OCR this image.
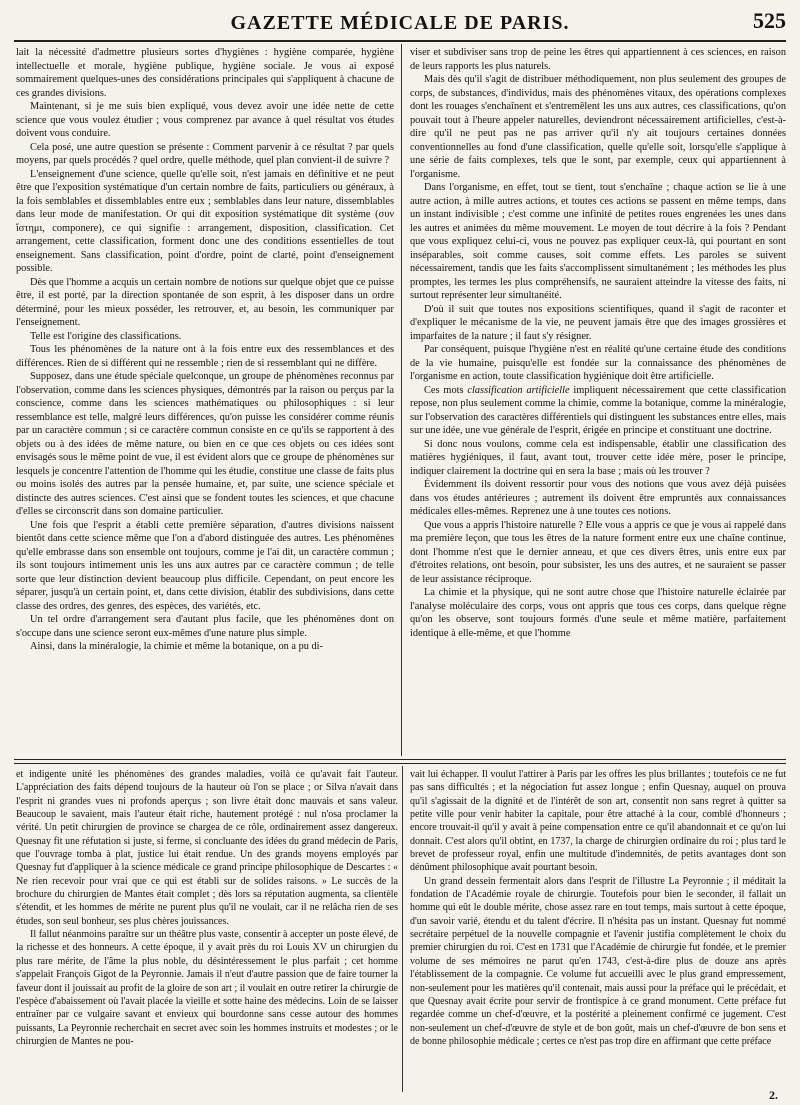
GAZETTE MÉDICALE DE PARIS.	525

lait la nécessité d'admettre plusieurs sortes d'hygiènes : hygiène comparée, hygiène intellectuelle et morale, hygiène publique, hygiène sociale. Je vous ai exposé sommairement quelques-unes des considérations principales qui s'appliquent à chacune de ces grandes divisions.

Maintenant, si je me suis bien expliqué, vous devez avoir une idée nette de cette science que vous voulez étudier ; vous comprenez par avance à quel résultat vos études doivent vous conduire.

Cela posé, une autre question se présente : Comment parvenir à ce résultat ? par quels moyens, par quels procédés ? quel ordre, quelle méthode, quel plan convient-il de suivre ?

L'enseignement d'une science, quelle qu'elle soit, n'est jamais en définitive et ne peut être que l'exposition systématique d'un certain nombre de faits, particuliers ou généraux, à la fois semblables et dissemblables entre eux ; semblables dans leur nature, dissemblables dans leur mode de manifestation. Or qui dit exposition systématique dit système (συν ἵστημι, componere), ce qui signifie : arrangement, disposition, classification. Cet arrangement, cette classification, forment donc une des conditions essentielles de tout enseignement. Sans classification, point d'ordre, point de clarté, point d'enseignement possible.

Dès que l'homme a acquis un certain nombre de notions sur quelque objet que ce puisse être, il est porté, par la direction spontanée de son esprit, à les disposer dans un ordre déterminé, pour les mieux posséder, les retrouver, et, au besoin, les communiquer par l'enseignement.

Telle est l'origine des classifications.

Tous les phénomènes de la nature ont à la fois entre eux des ressemblances et des différences. Rien de si différent qui ne ressemble ; rien de si ressemblant qui ne diffère.

Supposez, dans une étude spéciale quelconque, un groupe de phénomènes reconnus par l'observation, comme dans les sciences physiques, démontrés par la raison ou perçus par la conscience, comme dans les sciences mathématiques ou philosophiques : si leur ressemblance est telle, malgré leurs différences, qu'on puisse les considérer comme réunis par un caractère commun ; si ce caractère commun consiste en ce qu'ils se rapportent à des objets ou à des idées de même nature, ou bien en ce que ces objets ou ces idées sont envisagés sous le même point de vue, il est évident alors que ce groupe de phénomènes sur lesquels je concentre l'attention de l'homme qui les étudie, constitue une classe de faits plus ou moins isolés des autres par la pensée humaine, et, par suite, une science spéciale et distincte des autres sciences. C'est ainsi que se fondent toutes les sciences, et que chacune d'elles se circonscrit dans son domaine particulier.

Une fois que l'esprit a établi cette première séparation, d'autres divisions naissent bientôt dans cette science même que l'on a d'abord distinguée des autres. Les phénomènes qu'elle embrasse dans son ensemble ont toujours, comme je l'ai dit, un caractère commun ; ils sont toujours intimement unis les uns aux autres par ce caractère commun ; de telle sorte que leur distinction devient beaucoup plus difficile. Cependant, on peut encore les séparer, jusqu'à un certain point, et, dans cette division, établir des subdivisions, dans cette classe des ordres, des genres, des espèces, des variétés, etc.

Un tel ordre d'arrangement sera d'autant plus facile, que les phénomènes dont on s'occupe dans une science seront eux-mêmes d'une nature plus simple.

Ainsi, dans la minéralogie, la chimie et même la botanique, on a pu di-

viser et subdiviser sans trop de peine les êtres qui appartiennent à ces sciences, en raison de leurs rapports les plus naturels.

Mais dès qu'il s'agit de distribuer méthodiquement, non plus seulement des groupes de corps, de substances, d'individus, mais des phénomènes vitaux, des opérations complexes dont les rouages s'enchaînent et s'entremêlent les uns aux autres, ces classifications, qu'on pouvait tout à l'heure appeler naturelles, deviendront nécessairement artificielles, c'est-à-dire qu'il ne peut pas ne pas arriver qu'il n'y ait toujours certaines données conventionnelles au fond d'une classification, quelle qu'elle soit, lorsqu'elle s'applique à une série de faits complexes, tels que le sont, par exemple, ceux qui appartiennent à l'organisme.

Dans l'organisme, en effet, tout se tient, tout s'enchaîne ; chaque action se lie à une autre action, à mille autres actions, et toutes ces actions se passent en même temps, dans un instant indivisible ; c'est comme une infinité de petites roues engrenées les unes dans les autres et animées du même mouvement. Le moyen de tout décrire à la fois ? Pendant que vous expliquez celui-ci, vous ne pouvez pas expliquer ceux-là, qui pourtant en sont inséparables, soit comme causes, soit comme effets. Les paroles se suivent nécessairement, tandis que les faits s'accomplissent simultanément ; les méthodes les plus promptes, les termes les plus compréhensifs, ne sauraient atteindre la vitesse des faits, ni surtout représenter leur simultanéité.

D'où il suit que toutes nos expositions scientifiques, quand il s'agit de raconter et d'expliquer le mécanisme de la vie, ne peuvent jamais être que des images grossières et imparfaites de la nature ; il faut s'y résigner.

Par conséquent, puisque l'hygiène n'est en réalité qu'une certaine étude des conditions de la vie humaine, puisqu'elle est fondée sur la connaissance des phénomènes de l'organisme en action, toute classification hygiénique doit être artificielle.

Ces mots classification artificielle impliquent nécessairement que cette classification repose, non plus seulement comme la chimie, comme la botanique, comme la minéralogie, sur l'observation des caractères différentiels qui distinguent les substances entre elles, mais sur une idée, une vue générale de l'esprit, érigée en principe et constituant une doctrine.

Si donc nous voulons, comme cela est indispensable, établir une classification des matières hygiéniques, il faut, avant tout, trouver cette idée mère, poser le principe, indiquer clairement la doctrine qui en sera la base ; mais où les trouver ?

Évidemment ils doivent ressortir pour vous des notions que vous avez déjà puisées dans vos études antérieures ; autrement ils doivent être empruntés aux connaissances médicales elles-mêmes. Reprenez une à une toutes ces notions.

Que vous a appris l'histoire naturelle ? Elle vous a appris ce que je vous ai rappelé dans ma première leçon, que tous les êtres de la nature forment entre eux une chaîne continue, dont l'homme n'est que le dernier anneau, et que ces divers êtres, unis entre eux par d'étroites relations, ont besoin, pour subsister, les uns des autres, et ne sauraient se passer de leur assistance réciproque.

La chimie et la physique, qui ne sont autre chose que l'histoire naturelle éclairée par l'analyse moléculaire des corps, vous ont appris que tous ces corps, dans quelque règne qu'on les observe, sont toujours formés d'une seule et même matière, parfaitement identique à elle-même, et que l'homme

et indigente unité les phénomènes des grandes maladies, voilà ce qu'avait fait l'auteur. L'appréciation des faits dépend toujours de la hauteur où l'on se place ; or Silva n'avait dans l'esprit ni grandes vues ni profonds aperçus ; son livre était donc mauvais et sans valeur. Beaucoup le savaient, mais l'auteur était riche, hautement protégé : nul n'osa proclamer la vérité. Un petit chirurgien de province se chargea de ce rôle, ordinairement assez dangereux. Quesnay fit une réfutation si juste, si ferme, si concluante des idées du grand médecin de Paris, que l'ouvrage tomba à plat, justice lui était rendue. Un des grands moyens employés par Quesnay fut d'appliquer à la science médicale ce grand principe philosophique de Descartes : « Ne rien recevoir pour vrai que ce qui est établi sur de solides raisons. » Le succès de la brochure du chirurgien de Mantes était complet ; dès lors sa réputation augmenta, sa clientèle s'étendit, et les hommes de mérite ne purent plus qu'il ne voulait, car il ne relâcha rien de ses études, son seul bonheur, ses plus chères jouissances.

Il fallut néanmoins paraître sur un théâtre plus vaste, consentir à accepter un poste élevé, de la richesse et des honneurs. A cette époque, il y avait près du roi Louis XV un chirurgien du plus rare mérite, de l'âme la plus noble, du désintéressement le plus parfait ; cet homme s'appelait François Gigot de la Peyronnie. Jamais il n'eut d'autre passion que de faire tourner la faveur dont il jouissait au profit de la gloire de son art ; il voulait en outre retirer la chirurgie de l'espèce d'abaissement où l'avait placée la vieille et sotte haine des médecins. Loin de se laisser entraîner par ce vulgaire savant et envieux qui bourdonne sans cesse autour des hommes puissants, La Peyronnie recherchait en secret avec soin les hommes instruits et modestes ; or le chirurgien de Mantes ne pou-

vait lui échapper. Il voulut l'attirer à Paris par les offres les plus brillantes ; toutefois ce ne fut pas sans difficultés ; et la négociation fut assez longue ; enfin Quesnay, auquel on prouva qu'il s'agissait de la dignité et de l'intérêt de son art, consentit non sans regret à quitter sa petite ville pour venir habiter la capitale, pour être attaché à la cour, comblé d'honneurs ; encore trouvait-il qu'il y avait à peine compensation entre ce qu'il abandonnait et ce qu'on lui donnait. C'est alors qu'il obtint, en 1737, la charge de chirurgien ordinaire du roi ; plus tard le brevet de professeur royal, enfin une multitude d'indemnités, de petits avantages dont son dénûment philosophique avait pourtant besoin.

Un grand dessein fermentait alors dans l'esprit de l'illustre La Peyronnie ; il méditait la fondation de l'Académie royale de chirurgie. Toutefois pour bien le seconder, il fallait un homme qui eût le double mérite, chose assez rare en tout temps, mais surtout à cette époque, d'un savoir varié, étendu et du talent d'écrire. Il n'hésita pas un instant. Quesnay fut nommé secrétaire perpétuel de la nouvelle compagnie et l'avenir justifia complètement le choix du premier chirurgien du roi. C'est en 1731 que l'Académie de chirurgie fut fondée, et le premier volume de ses mémoires ne parut qu'en 1743, c'est-à-dire plus de douze ans après l'établissement de la compagnie. Ce volume fut accueilli avec le plus grand empressement, non-seulement pour les matières qu'il contenait, mais aussi pour la préface qui le précédait, et que Quesnay avait écrite pour servir de frontispice à ce grand monument. Cette préface fut regardée comme un chef-d'œuvre, et la postérité a pleinement confirmé ce jugement. C'est non-seulement un chef-d'œuvre de style et de bon goût, mais un chef-d'œuvre de bon sens et de bonne philosophie médicale ; certes ce n'est pas trop dire en affirmant que cette préface

2.
